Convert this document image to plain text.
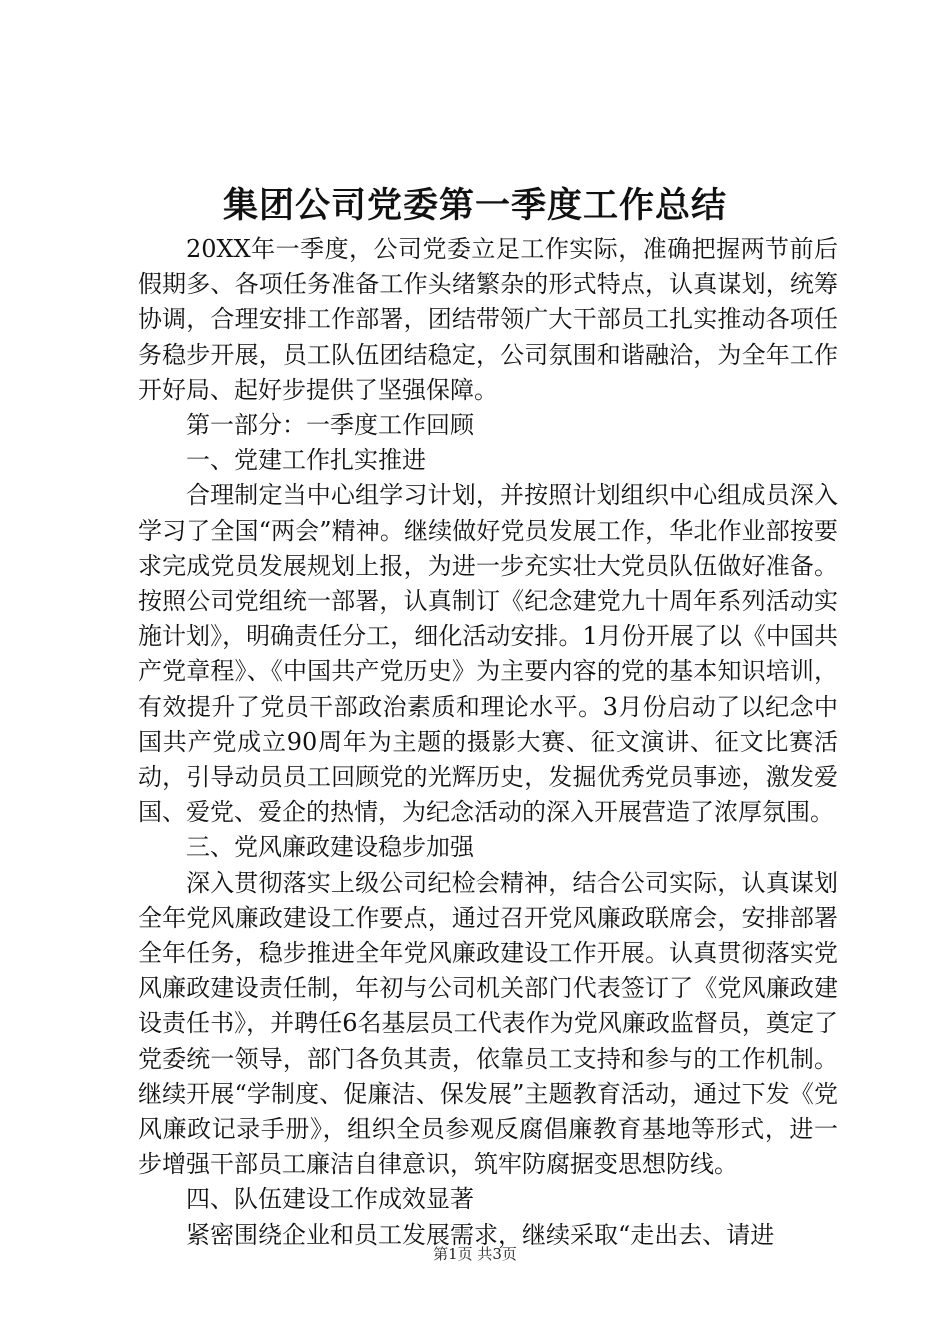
集团公司党委第一季度工作总结

20XX年一季度，公司党委立足工作实际，准确把握两节前后假期多、各项任务准备工作头绪繁杂的形式特点，认真谋划，统筹协调，合理安排工作部署，团结带领广大干部员工扎实推动各项任务稳步开展，员工队伍团结稳定，公司氛围和谐融洽，为全年工作开好局、起好步提供了坚强保障。

第一部分：一季度工作回顾

一、党建工作扎实推进

合理制定当中心组学习计划，并按照计划组织中心组成员深入学习了全国“两会”精神。继续做好党员发展工作，华北作业部按要求完成党员发展规划上报，为进一步充实壮大党员队伍做好准备。按照公司党组统一部署，认真制订《纪念建党九十周年系列活动实施计划》，明确责任分工，细化活动安排。1月份开展了以《中国共产党章程》、《中国共产党历史》为主要内容的党的基本知识培训，有效提升了党员干部政治素质和理论水平。3月份启动了以纪念中国共产党成立90周年为主题的摄影大赛、征文演讲、征文比赛活动，引导动员员工回顾党的光辉历史，发掘优秀党员事迹，激发爱国、爱党、爱企的热情，为纪念活动的深入开展营造了浓厚氛围。

三、党风廉政建设稳步加强

深入贯彻落实上级公司纪检会精神，结合公司实际，认真谋划全年党风廉政建设工作要点，通过召开党风廉政联席会，安排部署全年任务，稳步推进全年党风廉政建设工作开展。认真贯彻落实党风廉政建设责任制，年初与公司机关部门代表签订了《党风廉政建设责任书》，并聘任6名基层员工代表作为党风廉政监督员，奠定了党委统一领导，部门各负其责，依靠员工支持和参与的工作机制。继续开展“学制度、促廉洁、保发展”主题教育活动，通过下发《党风廉政记录手册》，组织全员参观反腐倡廉教育基地等形式，进一步增强干部员工廉洁自律意识，筑牢防腐据变思想防线。

四、队伍建设工作成效显著

紧密围绕企业和员工发展需求，继续采取“走出去、请进

第1页 共3页
